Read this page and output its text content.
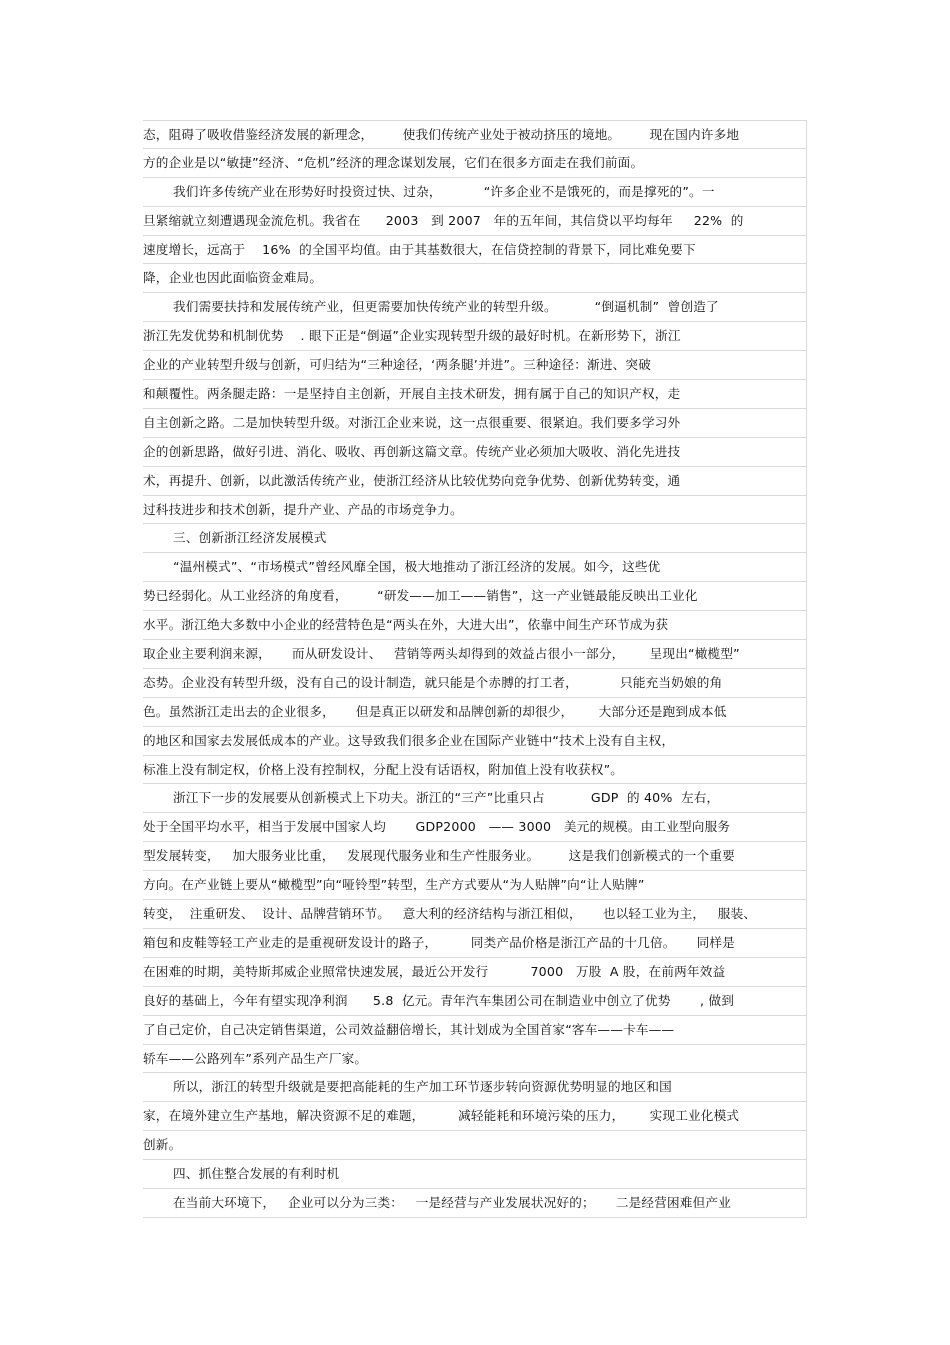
态，阻碍了吸收借鉴经济发展的新理念，       使我们传统产业处于被动挤压的境地。       现在国内许多地
方的企业是以“敏捷”经济、“危机”经济的理念谋划发展，它们在很多方面走在我们前面。
我们许多传统产业在形势好时投资过快、过杂，          “许多企业不是饿死的，而是撑死的”。一
旦紧缩就立刻遭遇现金流危机。我省在      2003   到 2007   年的五年间，其信贷以平均每年     22%  的
速度增长，远高于    16%  的全国平均值。由于其基数很大，在信贷控制的背景下，同比难免要下
降，企业也因此面临资金难局。
我们需要扶持和发展传统产业，但更需要加快传统产业的转型升级。         “倒逼机制”  曾创造了
浙江先发优势和机制优势    . 眼下正是“倒逼”企业实现转型升级的最好时机。在新形势下，浙江
企业的产业转型升级与创新，可归结为“三种途径，‘两条腿’并进”。三种途径：渐进、突破
和颠覆性。两条腿走路：一是坚持自主创新，开展自主技术研发，拥有属于自己的知识产权，走
自主创新之路。二是加快转型升级。对浙江企业来说，这一点很重要、很紧迫。我们要多学习外
企的创新思路，做好引进、消化、吸收、再创新这篇文章。传统产业必须加大吸收、消化先进技
术，再提升、创新，以此激活传统产业，使浙江经济从比较优势向竞争优势、创新优势转变，通
过科技进步和技术创新，提升产业、产品的市场竞争力。
三、创新浙江经济发展模式
“温州模式”、“市场模式”曾经风靡全国，极大地推动了浙江经济的发展。如今，这些优
势已经弱化。从工业经济的角度看，       “研发——加工——销售”，这一产业链最能反映出工业化
水平。浙江绝大多数中小企业的经营特色是“两头在外，大进大出”，依靠中间生产环节成为获
取企业主要利润来源，     而从研发设计、   营销等两头却得到的效益占很小一部分，      呈现出“橄榄型”
态势。企业没有转型升级，没有自己的设计制造，就只能是个赤膊的打工者，          只能充当奶娘的角
色。虽然浙江走出去的企业很多，     但是真正以研发和品牌创新的却很少，      大部分还是跑到成本低
的地区和国家去发展低成本的产业。这导致我们很多企业在国际产业链中“技术上没有自主权，
标准上没有制定权，价格上没有控制权，分配上没有话语权，附加值上没有收获权”。
浙江下一步的发展要从创新模式上下功夫。浙江的“三产”比重只占           GDP  的 40%  左右，
处于全国平均水平，相当于发展中国家人均       GDP2000   —— 3000   美元的规模。由工业型向服务
型发展转变，   加大服务业比重，   发展现代服务业和生产性服务业。       这是我们创新模式的一个重要
方向。在产业链上要从“橄榄型”向“哑铃型”转型，生产方式要从“为人贴牌”向“让人贴牌”
转变，  注重研发、  设计、品牌营销环节。   意大利的经济结构与浙江相似，     也以轻工业为主，   服装、
箱包和皮鞋等轻工产业走的是重视研发设计的路子，        同类产品价格是浙江产品的十几倍。     同样是
在困难的时期，美特斯邦威企业照常快速发展，最近公开发行          7000   万股  A 股，在前两年效益
良好的基础上，今年有望实现净利润      5.8  亿元。青年汽车集团公司在制造业中创立了优势       , 做到
了自己定价，自己决定销售渠道，公司效益翻倍增长，其计划成为全国首家“客车——卡车——
轿车——公路列车”系列产品生产厂家。
所以，浙江的转型升级就是要把高能耗的生产加工环节逐步转向资源优势明显的地区和国
家，在境外建立生产基地，解决资源不足的难题，        减轻能耗和环境污染的压力，      实现工业化模式
创新。
四、抓住整合发展的有利时机
在当前大环境下，   企业可以分为三类：   一是经营与产业发展状况好的；     二是经营困难但产业
